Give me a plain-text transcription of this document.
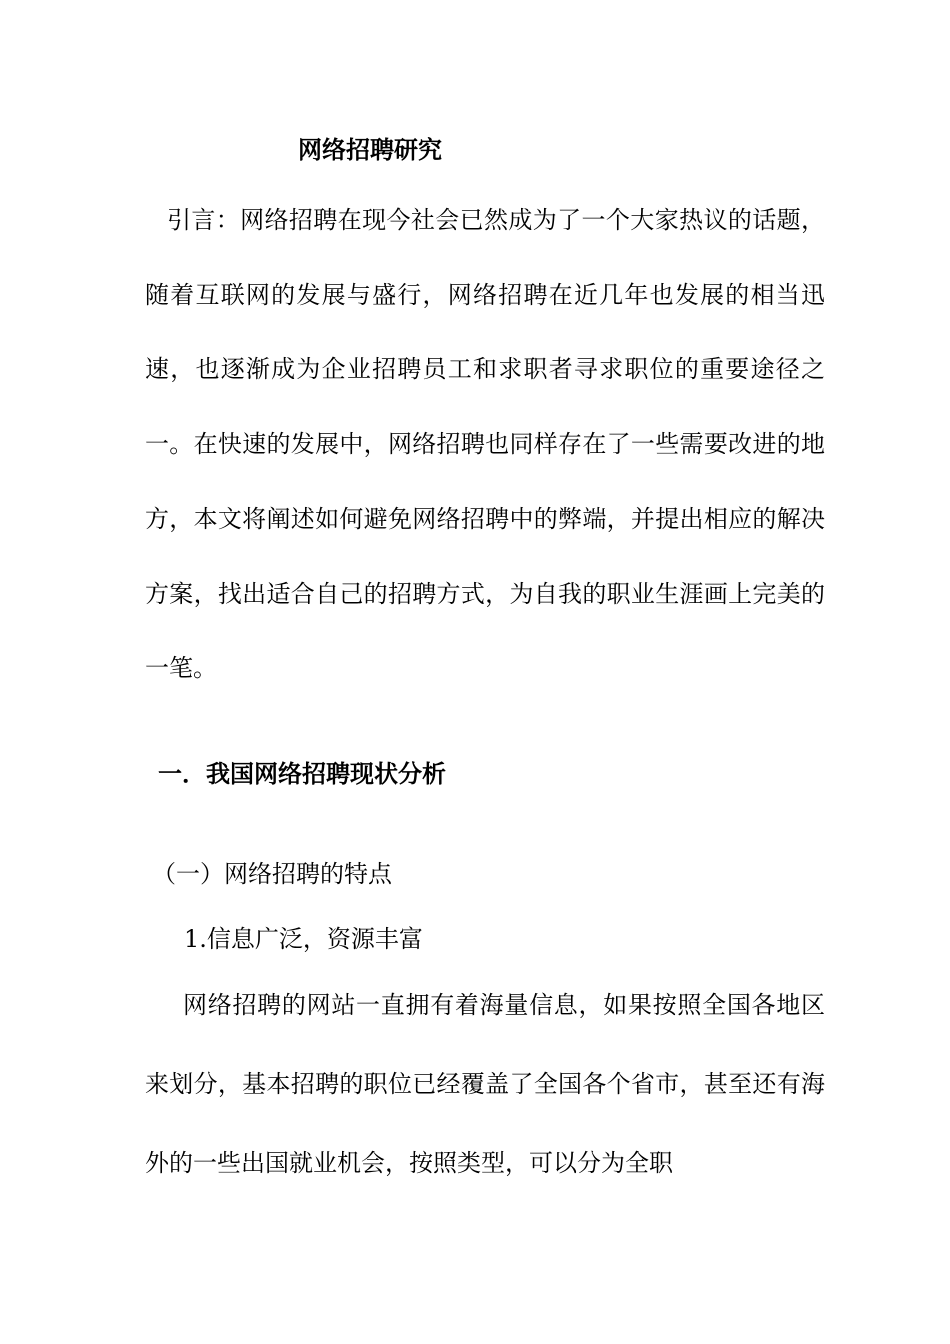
网络招聘研究

引言：网络招聘在现今社会已然成为了一个大家热议的话题，随着互联网的发展与盛行，网络招聘在近几年也发展的相当迅速，也逐渐成为企业招聘员工和求职者寻求职位的重要途径之一。在快速的发展中，网络招聘也同样存在了一些需要改进的地方，本文将阐述如何避免网络招聘中的弊端，并提出相应的解决方案，找出适合自己的招聘方式，为自我的职业生涯画上完美的一笔。

一．我国网络招聘现状分析
（一）网络招聘的特点
1.信息广泛，资源丰富

网络招聘的网站一直拥有着海量信息，如果按照全国各地区来划分，基本招聘的职位已经覆盖了全国各个省市，甚至还有海外的一些出国就业机会，按照类型，可以分为全职
